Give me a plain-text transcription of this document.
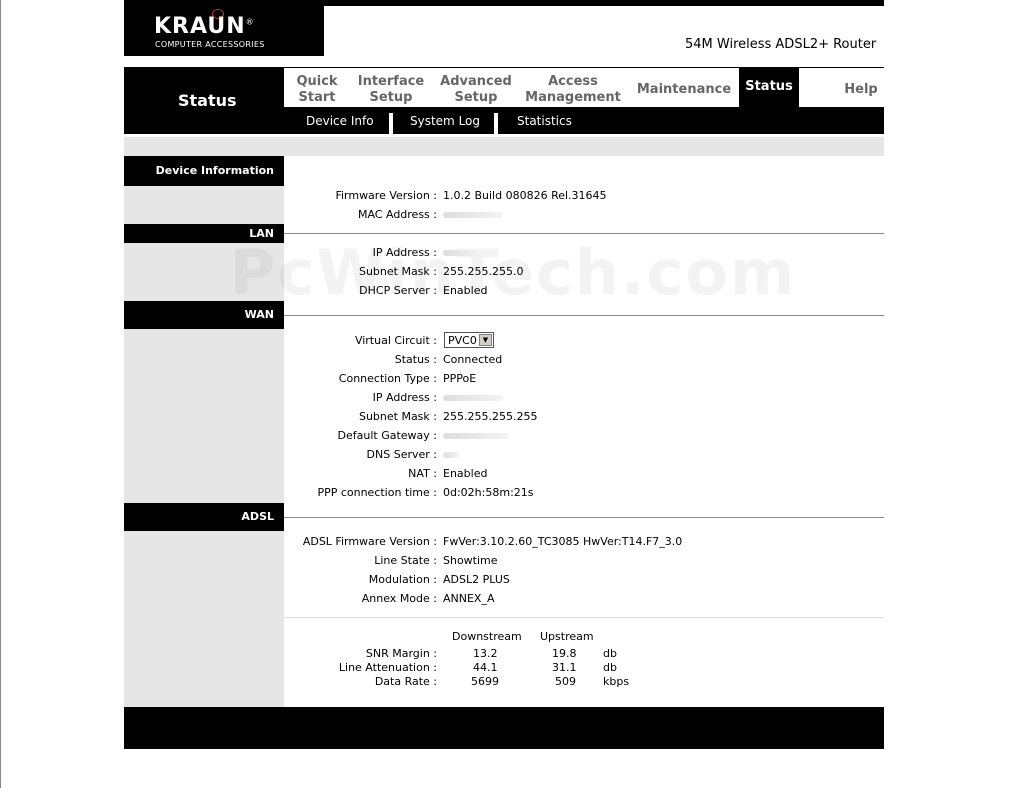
KRAUN®
COMPUTER ACCESSORIES	54M Wireless ADSL2+ Router
Status
Quick
Start
Interface
Setup
Advanced
Setup
Access
Management
Maintenance Status	Help
Device Info	System Log	Statistics
Device Information
Firmware Version : 1.0.2 Build 080826 Rel.31645
MAC Address :
LAN
IP Address :
Subnet Mask : 255.255.255.0
DHCP Server : Enabled
WAN
Virtual Circuit : PVC0 ▼
Status : Connected
Connection Type : PPPoE
IP Address :
Subnet Mask : 255.255.255.255
Default Gateway :
DNS Server :
NAT : Enabled
PPP connection time : 0d:02h:58m:21s
ADSL
ADSL Firmware Version : FwVer:3.10.2.60_TC3085 HwVer:T14.F7_3.0
Line State : Showtime
Modulation : ADSL2 PLUS
Annex Mode : ANNEX_A
Downstream Upstream
SNR Margin :	13.2	19.8 db
Line Attenuation :	44.1	31.1 db
Data Rate :	5699	509 kbps
